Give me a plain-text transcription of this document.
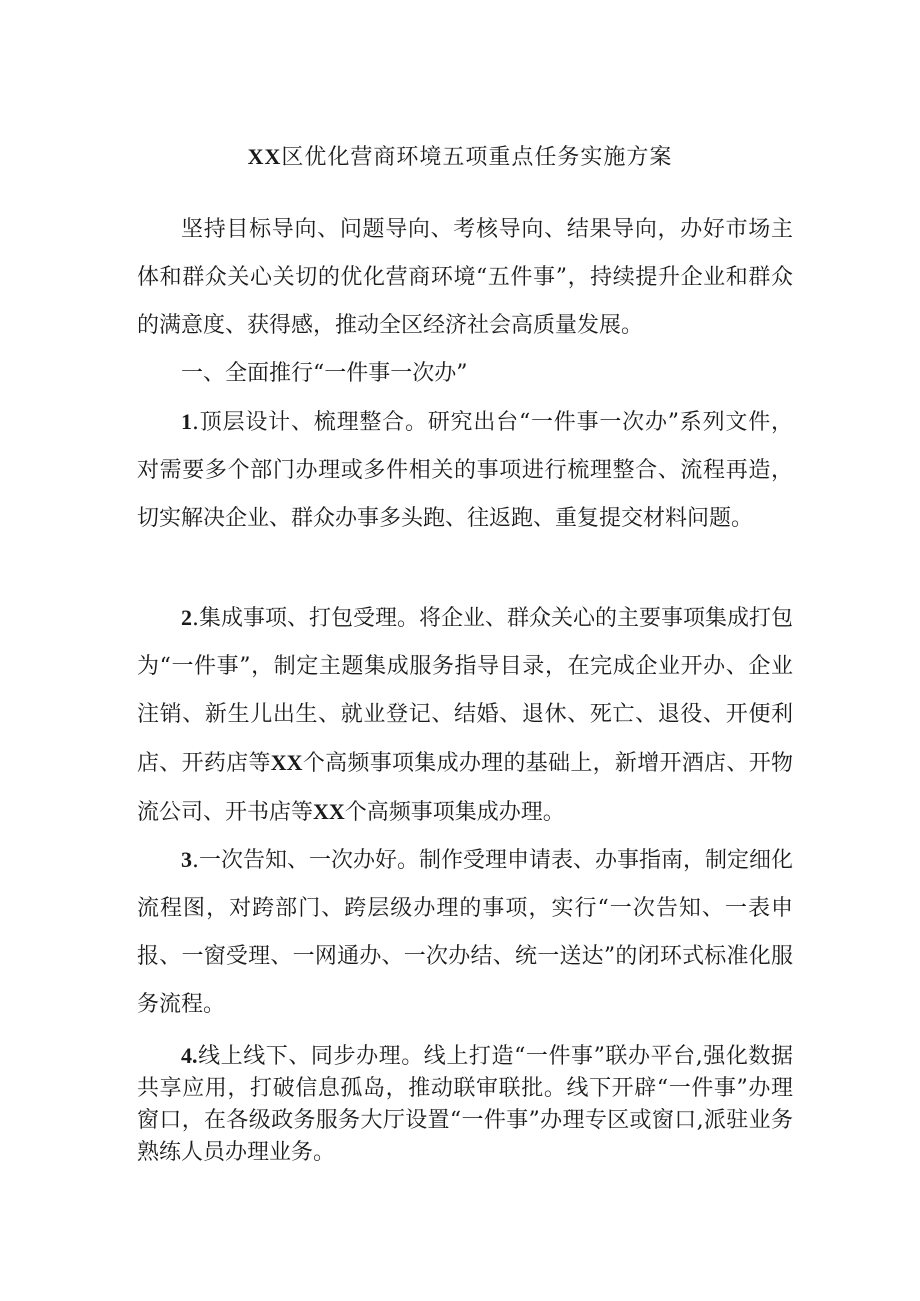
XX区优化营商环境五项重点任务实施方案

坚持目标导向、问题导向、考核导向、结果导向，办好市场主体和群众关心关切的优化营商环境“五件事”，持续提升企业和群众的满意度、获得感，推动全区经济社会高质量发展。

一、全面推行“一件事一次办”

1.顶层设计、梳理整合。研究出台“一件事一次办”系列文件，对需要多个部门办理或多件相关的事项进行梳理整合、流程再造，切实解决企业、群众办事多头跑、往返跑、重复提交材料问题。

2.集成事项、打包受理。将企业、群众关心的主要事项集成打包为“一件事”，制定主题集成服务指导目录，在完成企业开办、企业注销、新生儿出生、就业登记、结婚、退休、死亡、退役、开便利店、开药店等XX个高频事项集成办理的基础上，新增开酒店、开物流公司、开书店等XX个高频事项集成办理。

3.一次告知、一次办好。制作受理申请表、办事指南，制定细化流程图，对跨部门、跨层级办理的事项，实行“一次告知、一表申报、一窗受理、一网通办、一次办结、统一送达”的闭环式标准化服务流程。

4.线上线下、同步办理。线上打造“一件事”联办平台,强化数据共享应用，打破信息孤岛，推动联审联批。线下开辟“一件事”办理窗口，在各级政务服务大厅设置“一件事”办理专区或窗口,派驻业务熟练人员办理业务。
